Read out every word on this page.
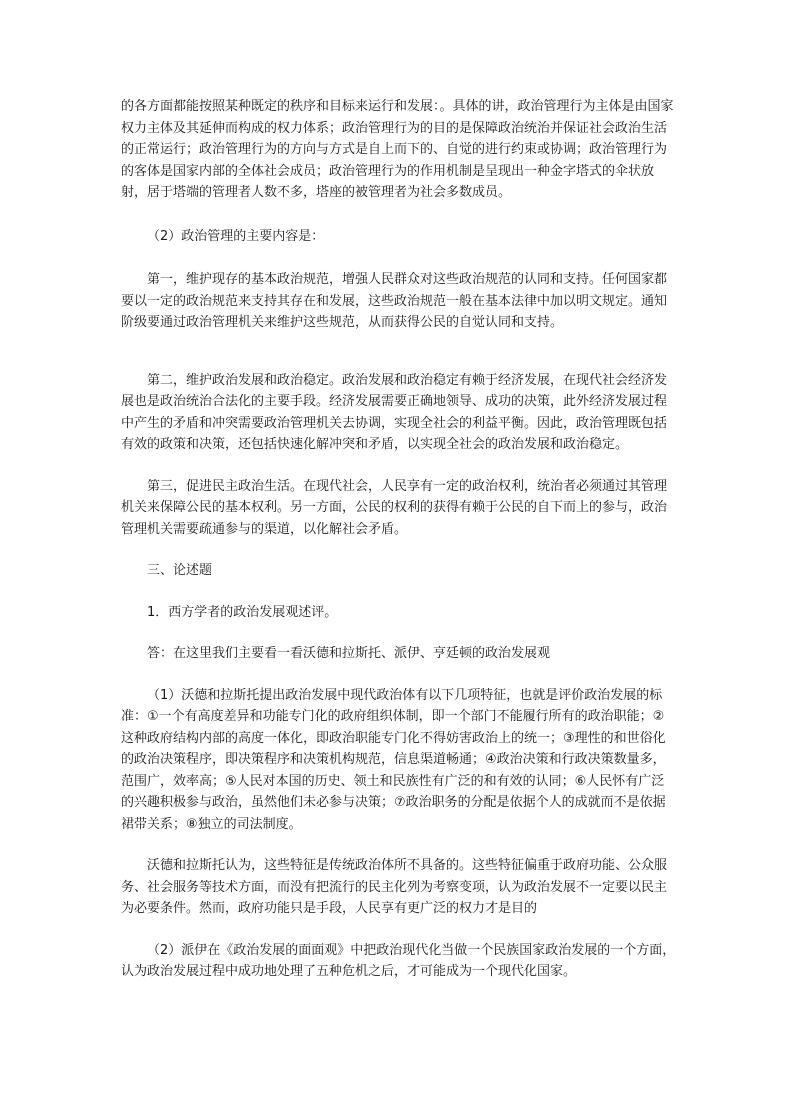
的各方面都能按照某种既定的秩序和目标来运行和发展：。具体的讲，政治管理行为主体是由国家权力主体及其延伸而构成的权力体系；政治管理行为的目的是保障政治统治并保证社会政治生活的正常运行；政治管理行为的方向与方式是自上而下的、自觉的进行约束或协调；政治管理行为的客体是国家内部的全体社会成员；政治管理行为的作用机制是呈现出一种金字塔式的伞状放射，居于塔端的管理者人数不多，塔座的被管理者为社会多数成员。

（2）政治管理的主要内容是：

第一，维护现存的基本政治规范，增强人民群众对这些政治规范的认同和支持。任何国家都要以一定的政治规范来支持其存在和发展，这些政治规范一般在基本法律中加以明文规定。通知阶级要通过政治管理机关来维护这些规范，从而获得公民的自觉认同和支持。

第二，维护政治发展和政治稳定。政治发展和政治稳定有赖于经济发展，在现代社会经济发展也是政治统治合法化的主要手段。经济发展需要正确地领导、成功的决策，此外经济发展过程中产生的矛盾和冲突需要政治管理机关去协调，实现全社会的利益平衡。因此，政治管理既包括有效的政策和决策，还包括快速化解冲突和矛盾，以实现全社会的政治发展和政治稳定。

第三，促进民主政治生活。在现代社会，人民享有一定的政治权利，统治者必须通过其管理机关来保障公民的基本权利。另一方面，公民的权利的获得有赖于公民的自下而上的参与，政治管理机关需要疏通参与的渠道，以化解社会矛盾。

三、论述题

1．西方学者的政治发展观述评。

答：在这里我们主要看一看沃德和拉斯托、派伊、亨廷顿的政治发展观

（1）沃德和拉斯托提出政治发展中现代政治体有以下几项特征，也就是评价政治发展的标准：①一个有高度差异和功能专门化的政府组织体制，即一个部门不能履行所有的政治职能；②这种政府结构内部的高度一体化，即政治职能专门化不得妨害政治上的统一；③理性的和世俗化的政治决策程序，即决策程序和决策机构规范，信息渠道畅通；④政治决策和行政决策数量多，范围广，效率高；⑤人民对本国的历史、领土和民族性有广泛的和有效的认同；⑥人民怀有广泛的兴趣积极参与政治，虽然他们未必参与决策；⑦政治职务的分配是依据个人的成就而不是依据裙带关系；⑧独立的司法制度。

沃德和拉斯托认为，这些特征是传统政治体所不具备的。这些特征偏重于政府功能、公众服务、社会服务等技术方面，而没有把流行的民主化列为考察变项，认为政治发展不一定要以民主为必要条件。然而，政府功能只是手段，人民享有更广泛的权力才是目的

（2）派伊在《政治发展的面面观》中把政治现代化当做一个民族国家政治发展的一个方面，认为政治发展过程中成功地处理了五种危机之后，才可能成为一个现代化国家。
